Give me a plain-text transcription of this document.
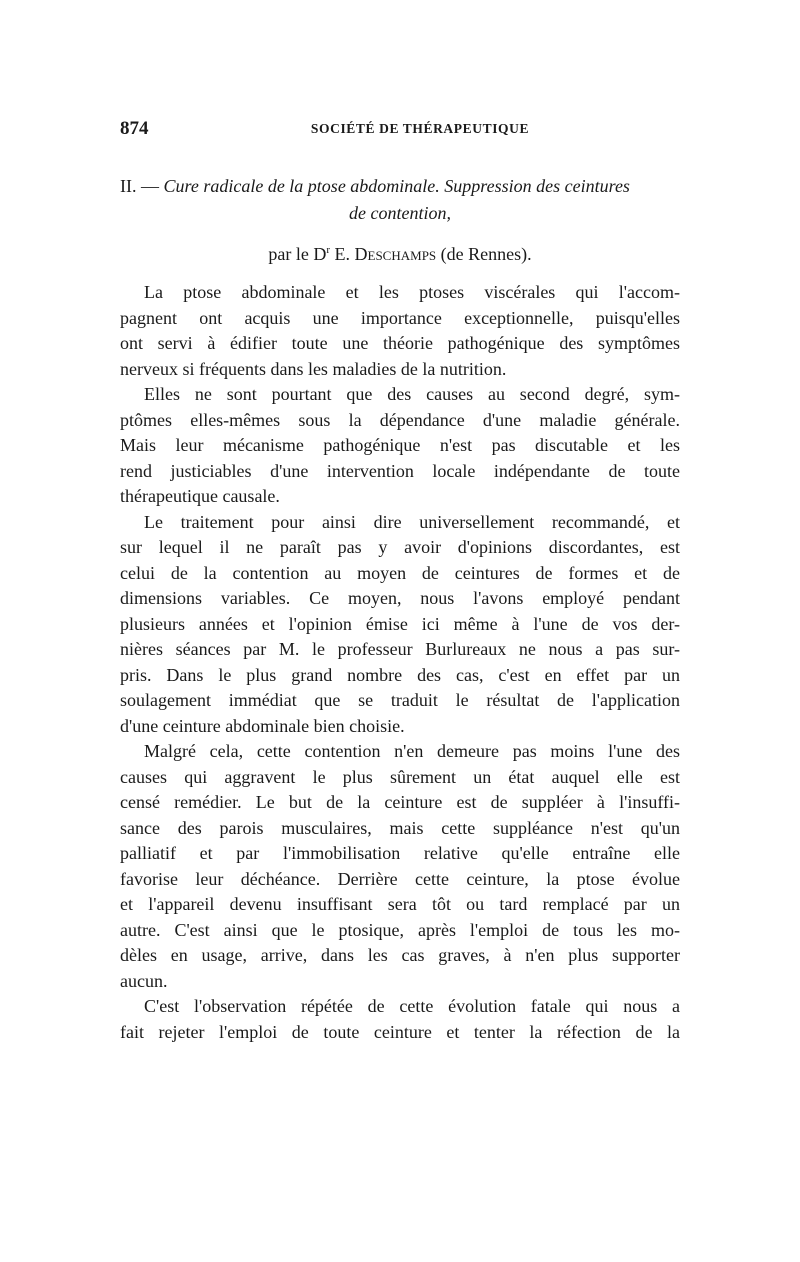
874	SOCIÉTÉ DE THÉRAPEUTIQUE
II. — Cure radicale de la ptose abdominale. Suppression des ceintures
de contention,
par le $D^r$ E. Deschamps (de Rennes).

La ptose abdominale et les ptoses viscérales qui l'accom-
pagnent ont acquis une importance exceptionnelle, puisqu'elles
ont servi à édifier toute une théorie pathogénique des symptômes
nerveux si fréquents dans les maladies de la nutrition.

Elles ne sont pourtant que des causes au second degré, sym-
ptômes elles-mêmes sous la dépendance d'une maladie générale.
Mais leur mécanisme pathogénique n'est pas discutable et les
rend justiciables d'une intervention locale indépendante de toute
thérapeutique causale.

Le traitement pour ainsi dire universellement recommandé, et
sur lequel il ne paraît pas y avoir d'opinions discordantes, est
celui de la contention au moyen de ceintures de formes et de
dimensions variables. Ce moyen, nous l'avons employé pendant
plusieurs années et l'opinion émise ici même à l'une de vos der-
nières séances par M. le professeur Burlureaux ne nous a pas sur-
pris. Dans le plus grand nombre des cas, c'est en effet par un
soulagement immédiat que se traduit le résultat de l'application
d'une ceinture abdominale bien choisie.

Malgré cela, cette contention n'en demeure pas moins l'une des
causes qui aggravent le plus sûrement un état auquel elle est
censé remédier. Le but de la ceinture est de suppléer à l'insuffi-
sance des parois musculaires, mais cette suppléance n'est qu'un
palliatif et par l'immobilisation relative qu'elle entraîne elle
favorise leur déchéance. Derrière cette ceinture, la ptose évolue
et l'appareil devenu insuffisant sera tôt ou tard remplacé par un
autre. C'est ainsi que le ptosique, après l'emploi de tous les mo-
dèles en usage, arrive, dans les cas graves, à n'en plus supporter
aucun.

C'est l'observation répétée de cette évolution fatale qui nous a
fait rejeter l'emploi de toute ceinture et tenter la réfection de la
